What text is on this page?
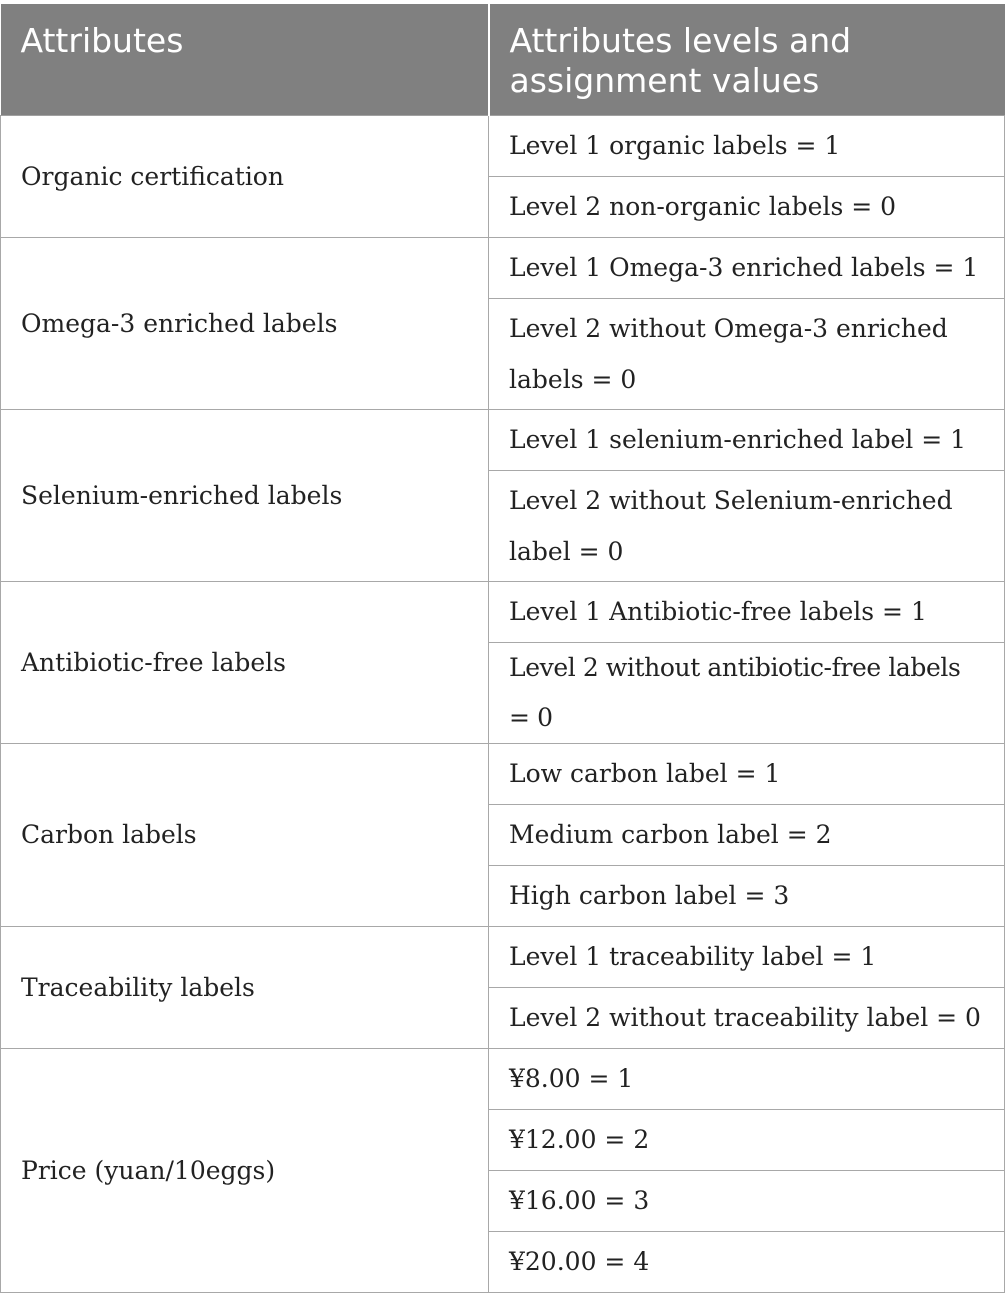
Attributes	Attributes levels and assignment values
Organic certification	Level 1 organic labels = 1
	Level 2 non-organic labels = 0
Omega-3 enriched labels	Level 1 Omega-3 enriched labels = 1
	Level 2 without Omega-3 enriched labels = 0
Selenium-enriched labels	Level 1 selenium-enriched label = 1
	Level 2 without Selenium-enriched label = 0
Antibiotic-free labels	Level 1 Antibiotic-free labels = 1
	Level 2 without antibiotic-free labels = 0
Carbon labels	Low carbon label = 1
	Medium carbon label = 2
	High carbon label = 3
Traceability labels	Level 1 traceability label = 1
	Level 2 without traceability label = 0
Price (yuan/10eggs)	¥8.00 = 1
	¥12.00 = 2
	¥16.00 = 3
	¥20.00 = 4
